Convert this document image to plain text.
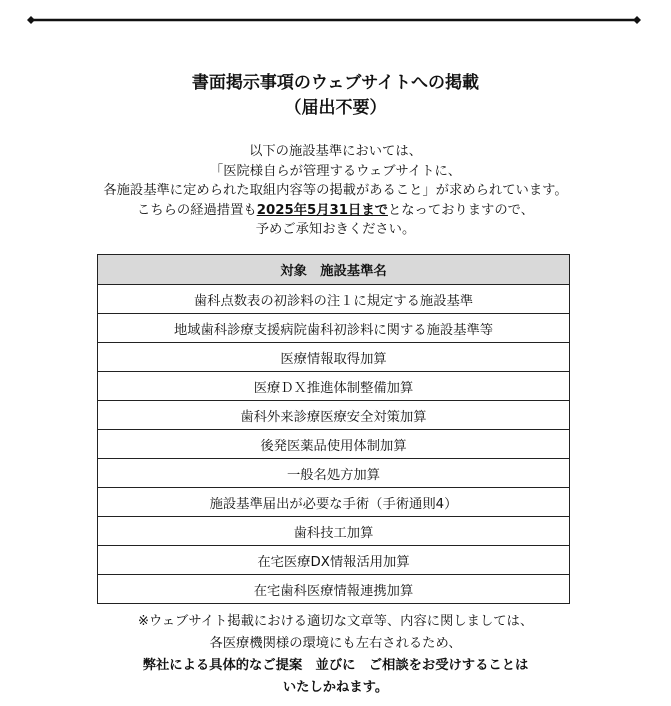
書面掲示事項のウェブサイトへの掲載
（届出不要）
以下の施設基準においては、
「医院様自らが管理するウェブサイトに、
各施設基準に定められた取組内容等の掲載があること」が求められています。
こちらの経過措置も2025年5月31日までとなっておりますので、
予めご承知おきください。
対象　施設基準名
歯科点数表の初診料の注１に規定する施設基準
地域歯科診療支援病院歯科初診料に関する施設基準等
医療情報取得加算
医療ＤＸ推進体制整備加算
歯科外来診療医療安全対策加算
後発医薬品使用体制加算
一般名処方加算
施設基準届出が必要な手術（手術通則4）
歯科技工加算
在宅医療DX情報活用加算
在宅歯科医療情報連携加算
※ウェブサイト掲載における適切な文章等、内容に関しましては、
各医療機関様の環境にも左右されるため、
弊社による具体的なご提案　並びに　ご相談をお受けすることは
いたしかねます。
